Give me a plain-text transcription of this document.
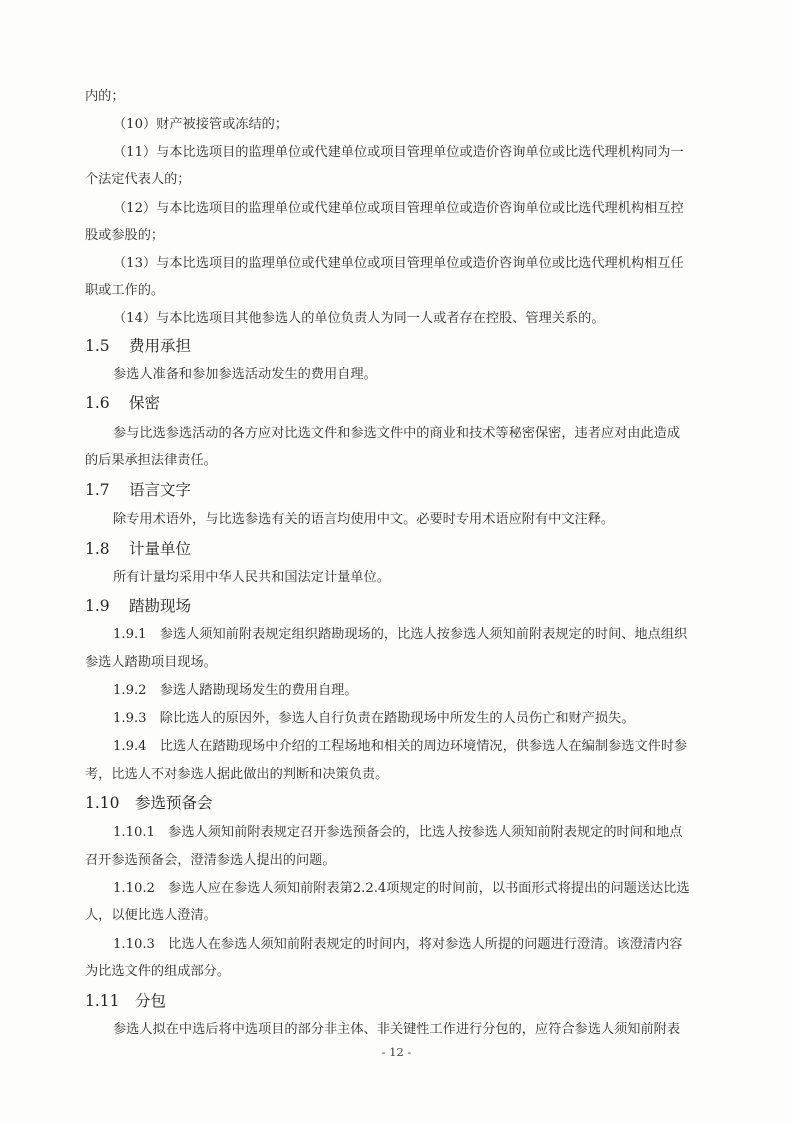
内的；
（10）财产被接管或冻结的；
（11）与本比选项目的监理单位或代建单位或项目管理单位或造价咨询单位或比选代理机构同为一
个法定代表人的；
（12）与本比选项目的监理单位或代建单位或项目管理单位或造价咨询单位或比选代理机构相互控
股或参股的；
（13）与本比选项目的监理单位或代建单位或项目管理单位或造价咨询单位或比选代理机构相互任
职或工作的。
（14）与本比选项目其他参选人的单位负责人为同一人或者存在控股、管理关系的。
1.5 费用承担
参选人准备和参加参选活动发生的费用自理。
1.6 保密
参与比选参选活动的各方应对比选文件和参选文件中的商业和技术等秘密保密，违者应对由此造成
的后果承担法律责任。
1.7 语言文字
除专用术语外，与比选参选有关的语言均使用中文。必要时专用术语应附有中文注释。
1.8 计量单位
所有计量均采用中华人民共和国法定计量单位。
1.9 踏勘现场
1.9.1　参选人须知前附表规定组织踏勘现场的，比选人按参选人须知前附表规定的时间、地点组织
参选人踏勘项目现场。
1.9.2　参选人踏勘现场发生的费用自理。
1.9.3　除比选人的原因外，参选人自行负责在踏勘现场中所发生的人员伤亡和财产损失。
1.9.4　比选人在踏勘现场中介绍的工程场地和相关的周边环境情况，供参选人在编制参选文件时参
考，比选人不对参选人据此做出的判断和决策负责。
1.10 参选预备会
1.10.1　参选人须知前附表规定召开参选预备会的，比选人按参选人须知前附表规定的时间和地点
召开参选预备会，澄清参选人提出的问题。
1.10.2　参选人应在参选人须知前附表第2.2.4项规定的时间前，以书面形式将提出的问题送达比选
人，以便比选人澄清。
1.10.3　比选人在参选人须知前附表规定的时间内，将对参选人所提的问题进行澄清。该澄清内容
为比选文件的组成部分。
1.11 分包
参选人拟在中选后将中选项目的部分非主体、非关键性工作进行分包的，应符合参选人须知前附表
- 12 -
